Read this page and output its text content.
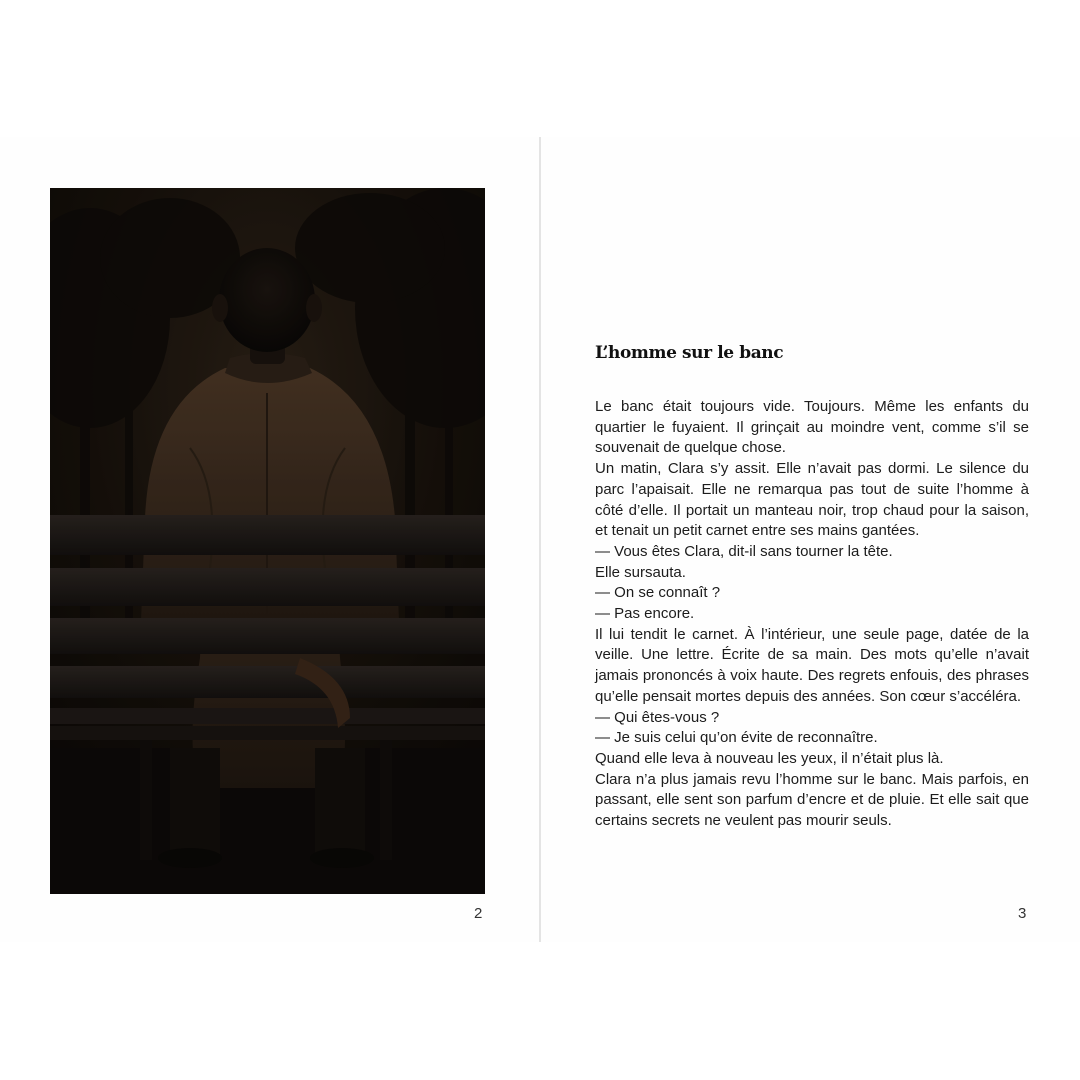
2
L’homme sur le banc

Le banc était toujours vide. Toujours. Même les enfants du quartier le fuyaient. Il grinçait au moindre vent, comme s’il se souvenait de quelque chose.

Un matin, Clara s’y assit. Elle n’avait pas dormi. Le silence du parc l’apaisait. Elle ne remarqua pas tout de suite l’homme à côté d’elle. Il portait un manteau noir, trop chaud pour la saison, et tenait un petit carnet entre ses mains gantées.

— Vous êtes Clara, dit-il sans tourner la tête.

Elle sursauta.

— On se connaît ?

— Pas encore.

Il lui tendit le carnet. À l’intérieur, une seule page, datée de la veille. Une lettre. Écrite de sa main. Des mots qu’elle n’avait jamais prononcés à voix haute. Des regrets enfouis, des phrases qu’elle pensait mortes depuis des années. Son cœur s’accéléra.

— Qui êtes-vous ?

— Je suis celui qu’on évite de reconnaître.

Quand elle leva à nouveau les yeux, il n’était plus là.

Clara n’a plus jamais revu l’homme sur le banc. Mais parfois, en passant, elle sent son parfum d’encre et de pluie. Et elle sait que certains secrets ne veulent pas mourir seuls.

3
